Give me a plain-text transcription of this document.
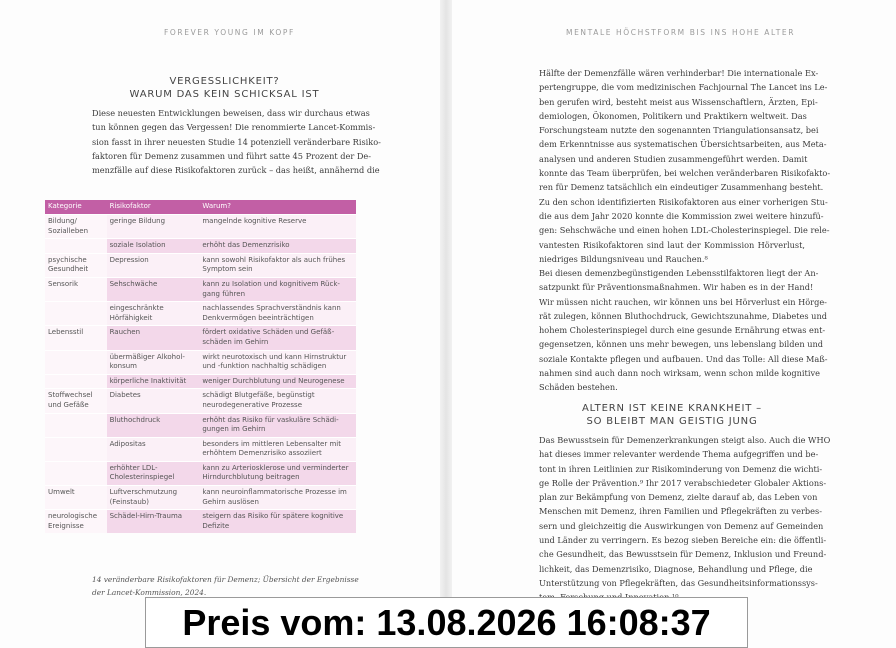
FOREVER YOUNG IM KOPF
VERGESSLICHKEIT?
WARUM DAS KEIN SCHICKSAL IST
Diese neuesten Entwicklungen beweisen, dass wir durchaus etwas
tun können gegen das Vergessen! Die renommierte Lancet-Kommis-
sion fasst in ihrer neuesten Studie 14 potenziell veränderbare Risiko-
faktoren für Demenz zusammen und führt satte 45 Prozent der De-
menzfälle auf diese Risikofaktoren zurück – das heißt, annähernd die
Kategorie	Risikofaktor	Warum?
Bildung/ Sozialleben	geringe Bildung	mangelnde kognitive Reserve
	soziale Isolation	erhöht das Demenzrisiko
psychische Gesundheit	Depression	kann sowohl Risikofaktor als auch frühes Symptom sein
Sensorik	Sehschwäche	kann zu Isolation und kognitivem Rück-gang führen
	eingeschränkte Hörfähigkeit	nachlassendes Sprachverständnis kann Denkvermögen beeinträchtigen
Lebensstil	Rauchen	fördert oxidative Schäden und Gefäß-schäden im Gehirn
	übermäßiger Alkohol-konsum	wirkt neurotoxisch und kann Hirnstruktur und -funktion nachhaltig schädigen
	körperliche Inaktivität	weniger Durchblutung und Neurogenese
Stoffwechsel und Gefäße	Diabetes	schädigt Blutgefäße, begünstigt neurodegenerative Prozesse
	Bluthochdruck	erhöht das Risiko für vaskuläre Schädi-gungen im Gehirn
	Adipositas	besonders im mittleren Lebensalter mit erhöhtem Demenzrisiko assoziiert
	erhöhter LDL-Cholesterinspiegel	kann zu Arteriosklerose und verminderter Hirndurchblutung beitragen
Umwelt	Luftverschmutzung (Feinstaub)	kann neuroinflammatorische Prozesse im Gehirn auslösen
neurologische Ereignisse	Schädel-Hirn-Trauma	steigern das Risiko für spätere kognitive Defizite
14 veränderbare Risikofaktoren für Demenz; Übersicht der Ergebnisse
der Lancet-Kommission, 2024.
MENTALE HÖCHSTFORM BIS INS HOHE ALTER
Hälfte der Demenzfälle wären verhinderbar! Die internationale Ex-
pertengruppe, die vom medizinischen Fachjournal The Lancet ins Le-
ben gerufen wird, besteht meist aus Wissenschaftlern, Ärzten, Epi-
demiologen, Ökonomen, Politikern und Praktikern weltweit. Das
Forschungsteam nutzte den sogenannten Triangulationsansatz, bei
dem Erkenntnisse aus systematischen Übersichtsarbeiten, aus Meta-
analysen und anderen Studien zusammengeführt werden. Damit
konnte das Team überprüfen, bei welchen veränderbaren Risikofakto-
ren für Demenz tatsächlich ein eindeutiger Zusammenhang besteht.
Zu den schon identifizierten Risikofaktoren aus einer vorherigen Stu-
die aus dem Jahr 2020 konnte die Kommission zwei weitere hinzufü-
gen: Sehschwäche und einen hohen LDL-Cholesterinspiegel. Die rele-
vantesten Risikofaktoren sind laut der Kommission Hörverlust,
niedriges Bildungsniveau und Rauchen.⁸
Bei diesen demenzbegünstigenden Lebensstilfaktoren liegt der An-
satzpunkt für Präventionsmaßnahmen. Wir haben es in der Hand!
Wir müssen nicht rauchen, wir können uns bei Hörverlust ein Hörge-
rät zulegen, können Bluthochdruck, Gewichtszunahme, Diabetes und
hohem Cholesterinspiegel durch eine gesunde Ernährung etwas ent-
gegensetzen, können uns mehr bewegen, uns lebenslang bilden und
soziale Kontakte pflegen und aufbauen. Und das Tolle: All diese Maß-
nahmen sind auch dann noch wirksam, wenn schon milde kognitive
Schäden bestehen.
ALTERN IST KEINE KRANKHEIT –
SO BLEIBT MAN GEISTIG JUNG
Das Bewusstsein für Demenzerkrankungen steigt also. Auch die WHO
hat dieses immer relevanter werdende Thema aufgegriffen und be-
tont in ihren Leitlinien zur Risikominderung von Demenz die wichti-
ge Rolle der Prävention.⁹ Ihr 2017 verabschiedeter Globaler Aktions-
plan zur Bekämpfung von Demenz, zielte darauf ab, das Leben von
Menschen mit Demenz, ihren Familien und Pflegekräften zu verbes-
sern und gleichzeitig die Auswirkungen von Demenz auf Gemeinden
und Länder zu verringern. Es bezog sieben Bereiche ein: die öffentli-
che Gesundheit, das Bewusstsein für Demenz, Inklusion und Freund-
lichkeit, das Demenzrisiko, Diagnose, Behandlung und Pflege, die
Unterstützung von Pflegekräften, das Gesundheitsinformationssys-
Preis vom: 13.08.2026 16:08:37
